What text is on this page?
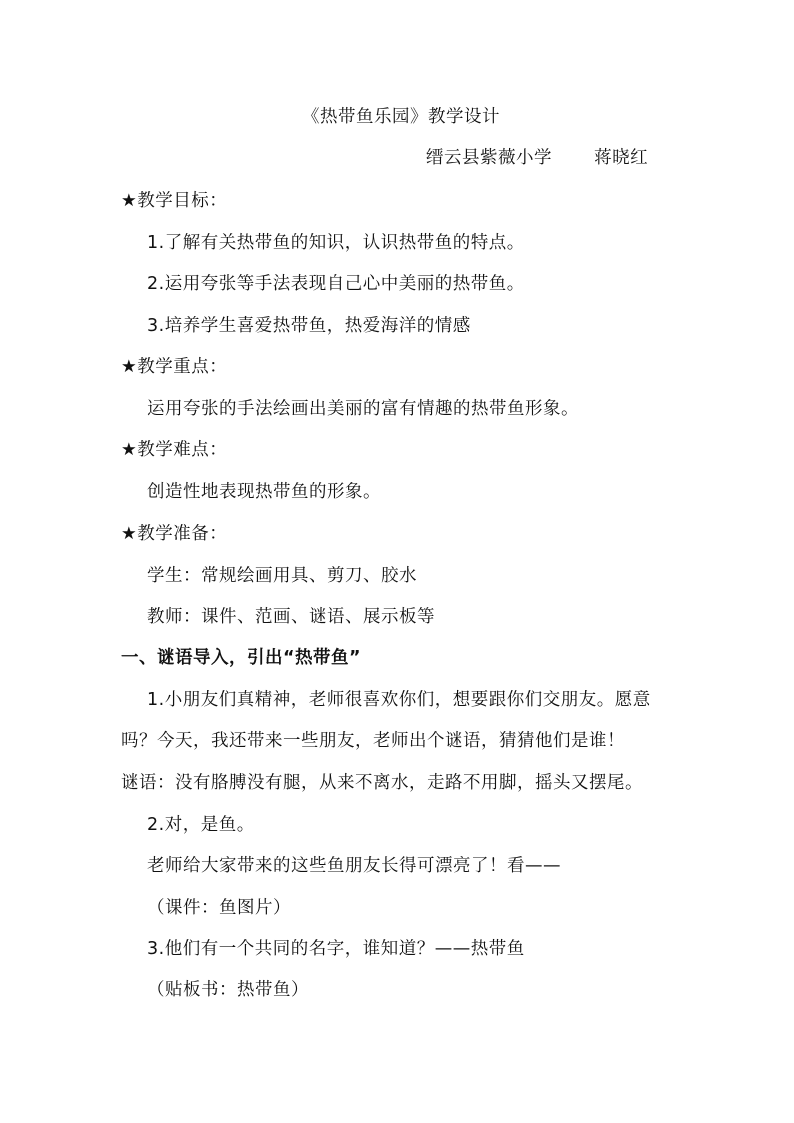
《热带鱼乐园》教学设计
缙云县紫薇小学 蒋晓红
★教学目标：
1.了解有关热带鱼的知识，认识热带鱼的特点。
2.运用夸张等手法表现自己心中美丽的热带鱼。
3.培养学生喜爱热带鱼，热爱海洋的情感
★教学重点：
运用夸张的手法绘画出美丽的富有情趣的热带鱼形象。
★教学难点：
创造性地表现热带鱼的形象。
★教学准备：
学生：常规绘画用具、剪刀、胶水
教师：课件、范画、谜语、展示板等
一、谜语导入，引出“热带鱼”
1.小朋友们真精神，老师很喜欢你们，想要跟你们交朋友。愿意
吗？今天，我还带来一些朋友，老师出个谜语，猜猜他们是谁！
谜语：没有胳膊没有腿，从来不离水，走路不用脚，摇头又摆尾。
2.对，是鱼。
老师给大家带来的这些鱼朋友长得可漂亮了！看——
（课件：鱼图片）
3.他们有一个共同的名字，谁知道？——热带鱼
（贴板书：热带鱼）
